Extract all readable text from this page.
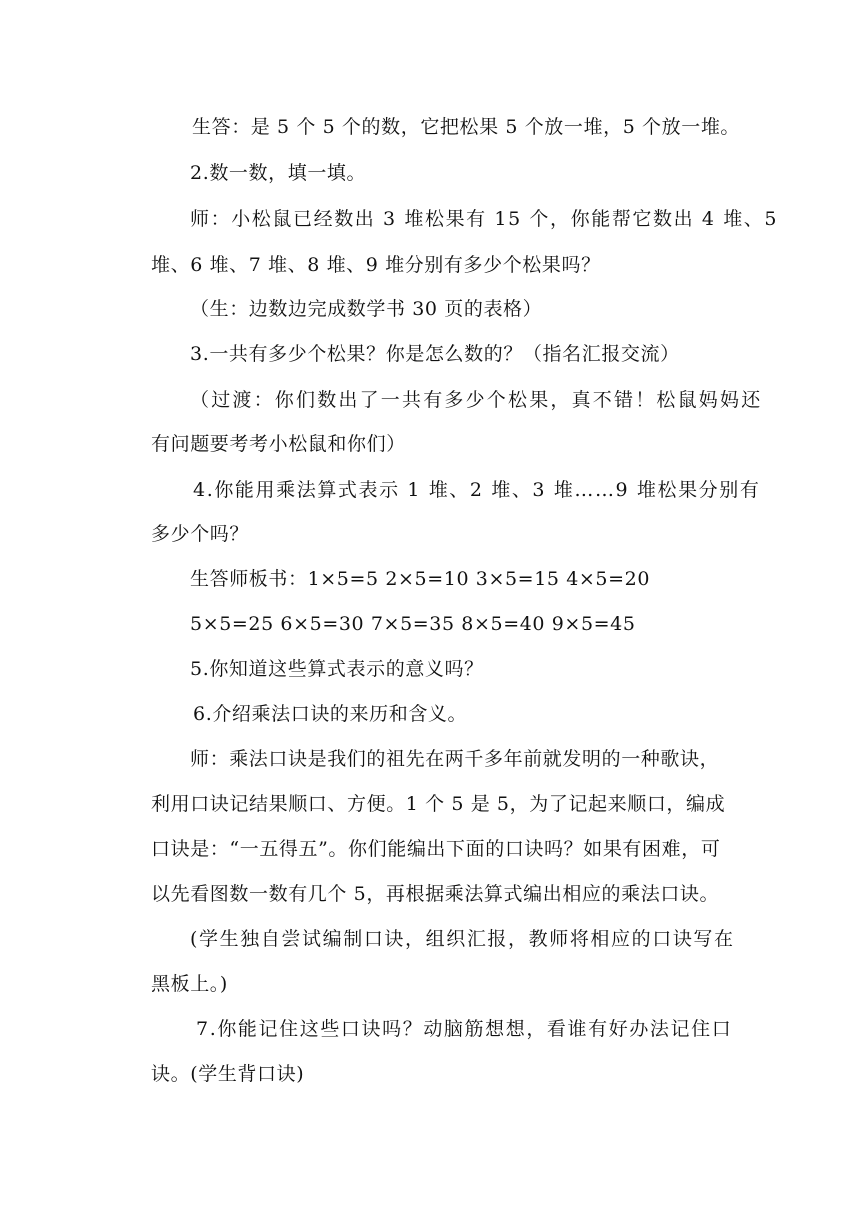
生答：是 5 个 5 个的数，它把松果 5 个放一堆，5 个放一堆。
2.数一数，填一填。
师：小松鼠已经数出 3 堆松果有 15 个，你能帮它数出 4 堆、5
堆、6 堆、7 堆、8 堆、9 堆分别有多少个松果吗？
（生：边数边完成数学书 30 页的表格）
3.一共有多少个松果？你是怎么数的？（指名汇报交流）
（过渡：你们数出了一共有多少个松果，真不错！松鼠妈妈还
有问题要考考小松鼠和你们）
4.你能用乘法算式表示 1 堆、2 堆、3 堆……9 堆松果分别有
多少个吗？
生答师板书：1×5=5 2×5=10 3×5=15 4×5=20
5×5=25 6×5=30 7×5=35 8×5=40 9×5=45
5.你知道这些算式表示的意义吗？
6.介绍乘法口诀的来历和含义。
师：乘法口诀是我们的祖先在两千多年前就发明的一种歌诀，
利用口诀记结果顺口、方便。1 个 5 是 5，为了记起来顺口，编成
口诀是：“一五得五”。你们能编出下面的口诀吗？如果有困难，可
以先看图数一数有几个 5，再根据乘法算式编出相应的乘法口诀。
(学生独自尝试编制口诀，组织汇报，教师将相应的口诀写在
黑板上。)
7.你能记住这些口诀吗？动脑筋想想，看谁有好办法记住口
诀。(学生背口诀)
